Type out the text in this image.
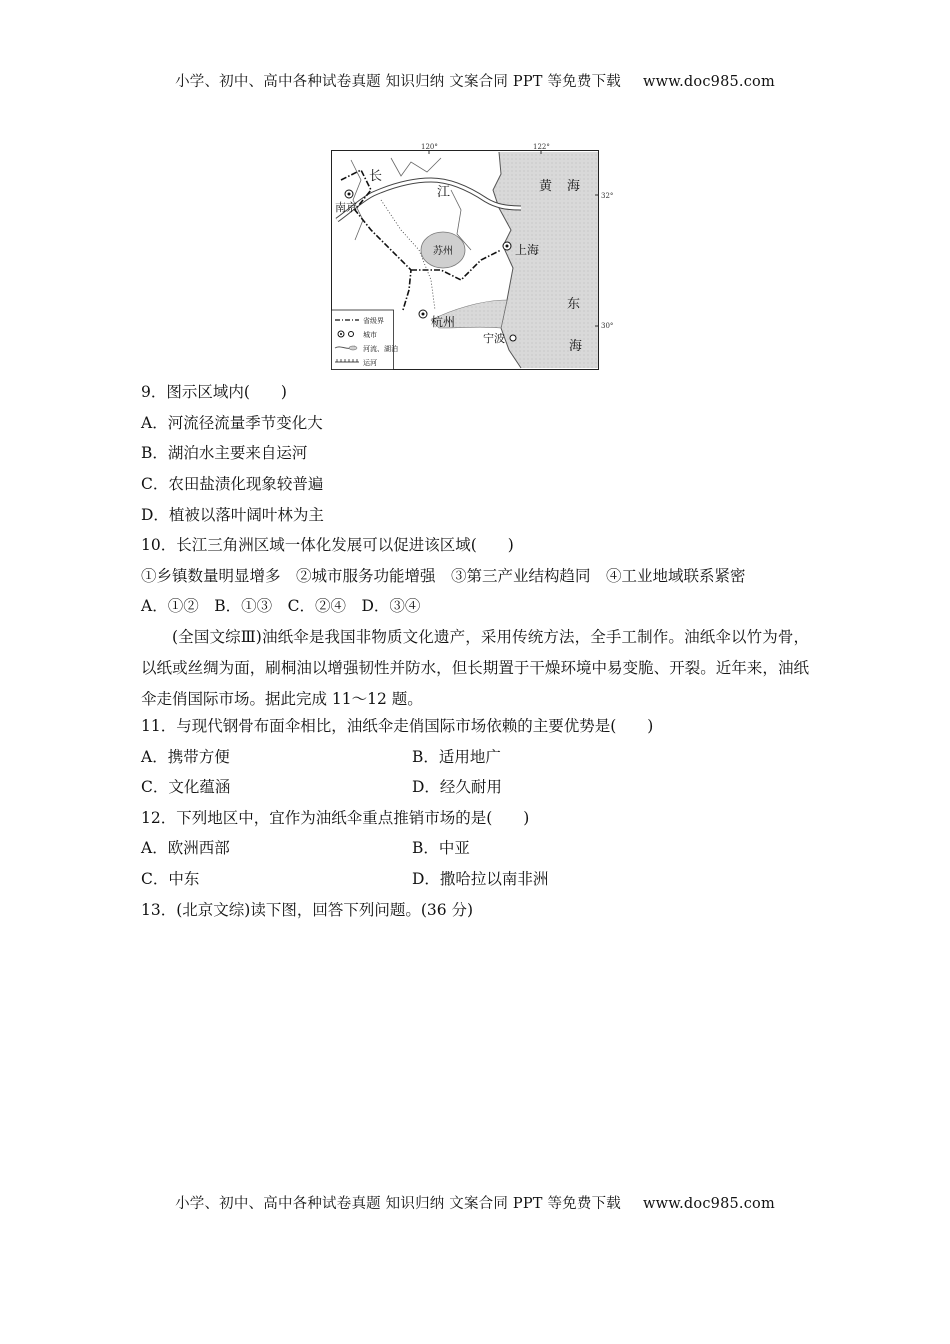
小学、初中、高中各种试卷真题 知识归纳 文案合同 PPT 等免费下载 www.doc985.com
120°	122°
32°
30°
长
江	黄 海
南京
苏州	上海
东
海
杭州
宁波
省级界
城市
河流、湖泊
运河
9．图示区域内(　　)
A．河流径流量季节变化大
B．湖泊水主要来自运河
C．农田盐渍化现象较普遍
D．植被以落叶阔叶林为主
10．长江三角洲区域一体化发展可以促进该区域(　　)
①乡镇数量明显增多　②城市服务功能增强　③第三产业结构趋同　④工业地域联系紧密
A．①②　B．①③　C．②④　D．③④
(全国文综Ⅲ)油纸伞是我国非物质文化遗产，采用传统方法，全手工制作。油纸伞以竹为骨，以纸或丝绸为面，刷桐油以增强韧性并防水，但长期置于干燥环境中易变脆、开裂。近年来，油纸伞走俏国际市场。据此完成 11～12 题。
11．与现代钢骨布面伞相比，油纸伞走俏国际市场依赖的主要优势是(　　)
A．携带方便	B．适用地广
C．文化蕴涵	D．经久耐用
12．下列地区中，宜作为油纸伞重点推销市场的是(　　)
A．欧洲西部	B．中亚
C．中东	D．撒哈拉以南非洲
13．(北京文综)读下图，回答下列问题。(36 分)
小学、初中、高中各种试卷真题 知识归纳 文案合同 PPT 等免费下载 www.doc985.com
